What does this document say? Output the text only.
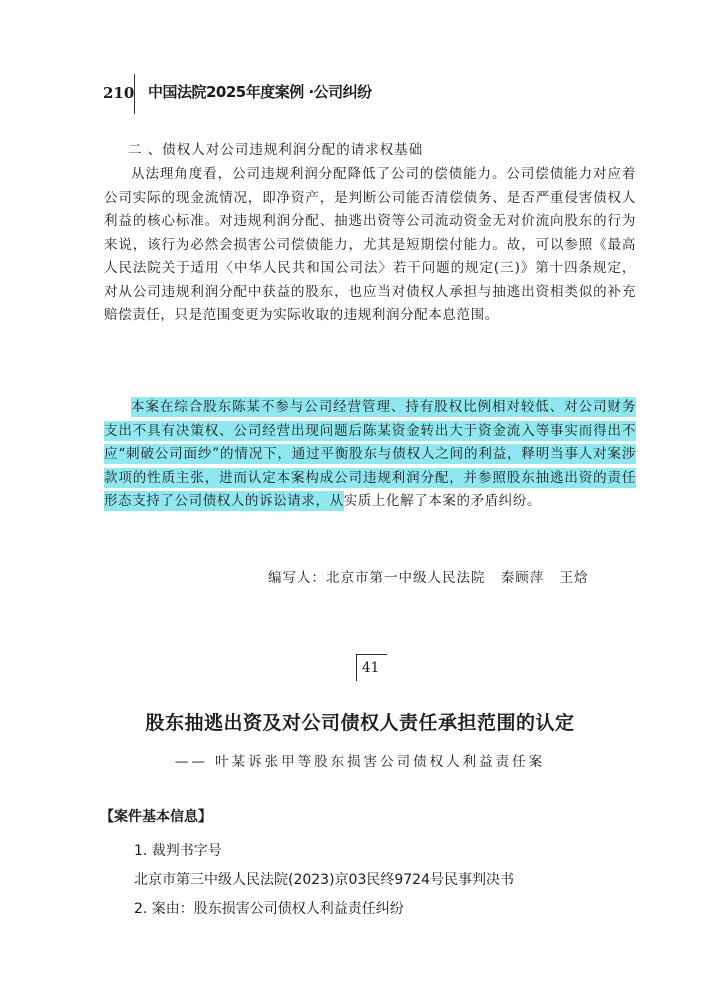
210 中国法院2025年度案例 ·公司纠纷
二 、债权人对公司违规利润分配的请求权基础

从法理角度看，公司违规利润分配降低了公司的偿债能力。公司偿债能力对应着公司实际的现金流情况，即净资产，是判断公司能否清偿债务、是否严重侵害债权人利益的核心标准。对违规利润分配、抽逃出资等公司流动资金无对价流向股东的行为来说，该行为必然会损害公司偿债能力，尤其是短期偿付能力。故，可以参照《最高人民法院关于适用〈中华人民共和国公司法〉若干问题的规定(三)》第十四条规定，对从公司违规利润分配中获益的股东，也应当对债权人承担与抽逃出资相类似的补充赔偿责任，只是范围变更为实际收取的违规利润分配本息范围。

本案在综合股东陈某不参与公司经营管理、持有股权比例相对较低、对公司财务支出不具有决策权、公司经营出现问题后陈某资金转出大于资金流入等事实而得出不应“刺破公司面纱”的情况下，通过平衡股东与债权人之间的利益，释明当事人对案涉款项的性质主张，进而认定本案构成公司违规利润分配，并参照股东抽逃出资的责任形态支持了公司债权人的诉讼请求，从实质上化解了本案的矛盾纠纷。

编写人：北京市第一中级人民法院 秦顾萍 王焓
41
股东抽逃出资及对公司债权人责任承担范围的认定
—— 叶某诉张甲等股东损害公司债权人利益责任案
【案件基本信息】
1. 裁判书字号
北京市第三中级人民法院(2023)京03民终9724号民事判决书
2. 案由：股东损害公司债权人利益责任纠纷
